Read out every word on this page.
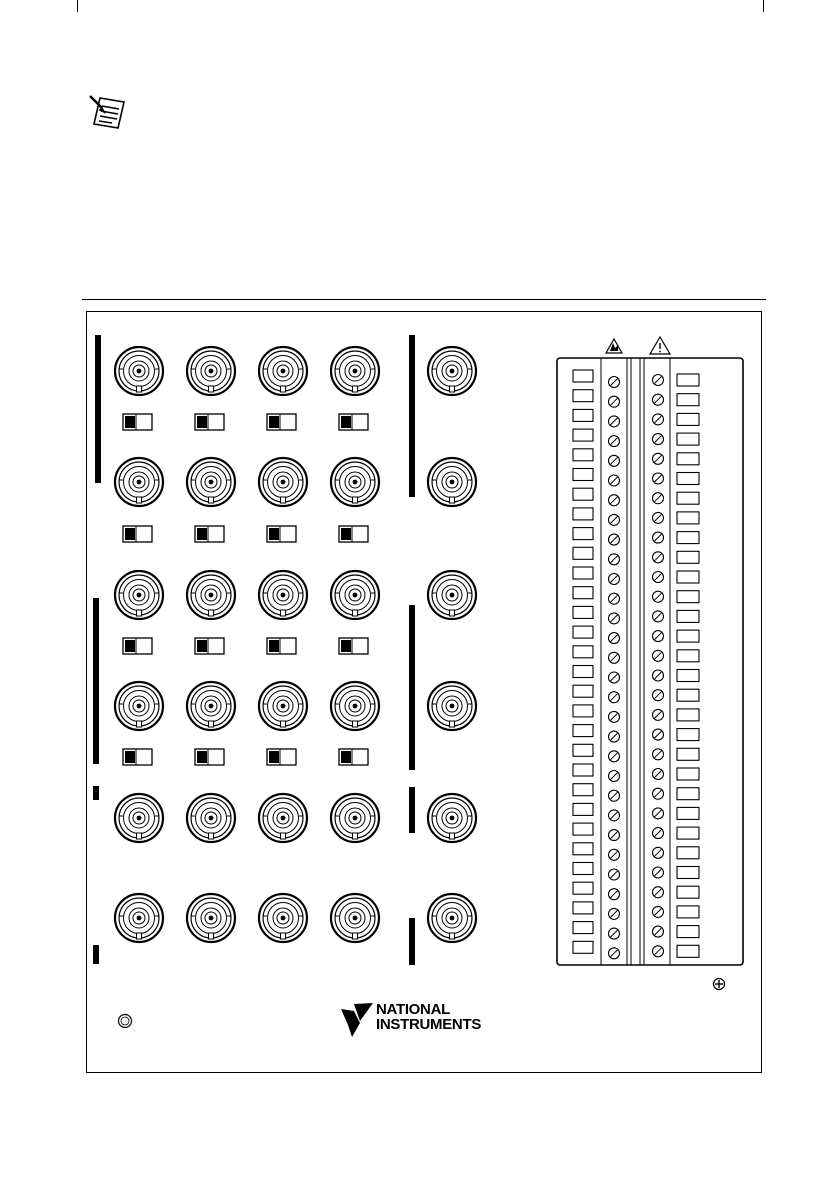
NATIONAL
INSTRUMENTS
